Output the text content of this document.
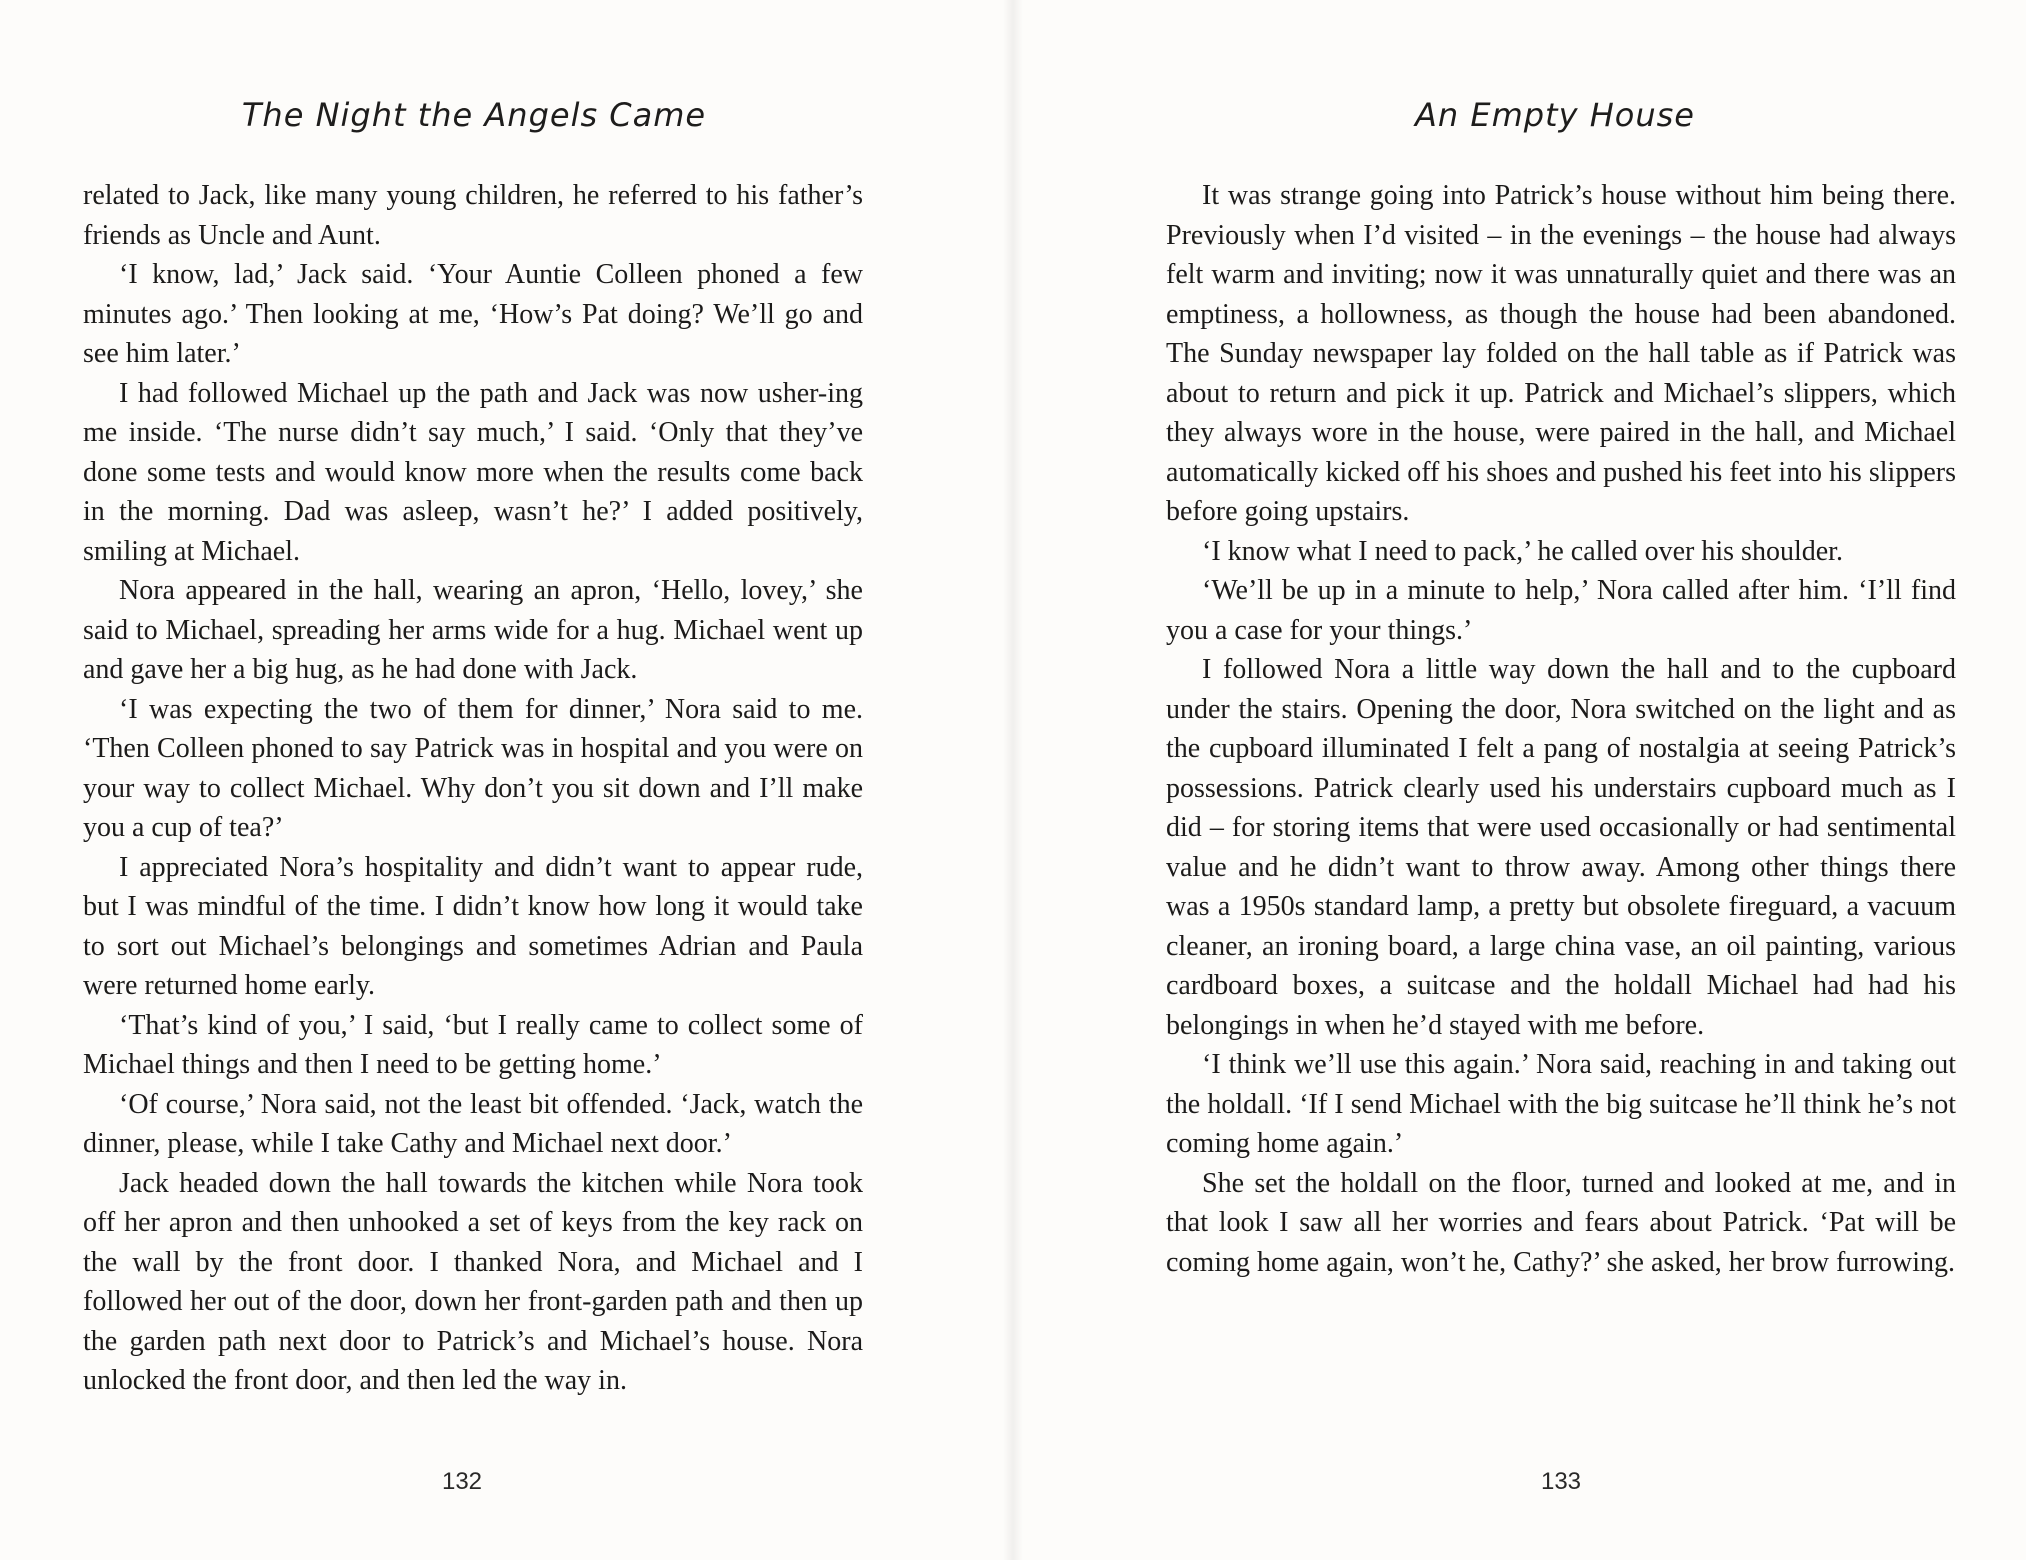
The Night the Angels Came

related to Jack, like many young children, he referred to his father’s friends as Uncle and Aunt.

‘I know, lad,’ Jack said. ‘Your Auntie Colleen phoned a few minutes ago.’ Then looking at me, ‘How’s Pat doing? We’ll go and see him later.’

I had followed Michael up the path and Jack was now usher-ing me inside. ‘The nurse didn’t say much,’ I said. ‘Only that they’ve done some tests and would know more when the results come back in the morning. Dad was asleep, wasn’t he?’ I added positively, smiling at Michael.

Nora appeared in the hall, wearing an apron, ‘Hello, lovey,’ she said to Michael, spreading her arms wide for a hug. Michael went up and gave her a big hug, as he had done with Jack.

‘I was expecting the two of them for dinner,’ Nora said to me. ‘Then Colleen phoned to say Patrick was in hospital and you were on your way to collect Michael. Why don’t you sit down and I’ll make you a cup of tea?’

I appreciated Nora’s hospitality and didn’t want to appear rude, but I was mindful of the time. I didn’t know how long it would take to sort out Michael’s belongings and sometimes Adrian and Paula were returned home early.

‘That’s kind of you,’ I said, ‘but I really came to collect some of Michael things and then I need to be getting home.’

‘Of course,’ Nora said, not the least bit offended. ‘Jack, watch the dinner, please, while I take Cathy and Michael next door.’

Jack headed down the hall towards the kitchen while Nora took off her apron and then unhooked a set of keys from the key rack on the wall by the front door. I thanked Nora, and Michael and I followed her out of the door, down her front-garden path and then up the garden path next door to Patrick’s and Michael’s house. Nora unlocked the front door, and then led the way in.

132
An Empty House

It was strange going into Patrick’s house without him being there. Previously when I’d visited – in the evenings – the house had always felt warm and inviting; now it was unnaturally quiet and there was an emptiness, a hollowness, as though the house had been abandoned. The Sunday newspaper lay folded on the hall table as if Patrick was about to return and pick it up. Patrick and Michael’s slippers, which they always wore in the house, were paired in the hall, and Michael automatically kicked off his shoes and pushed his feet into his slippers before going upstairs.

‘I know what I need to pack,’ he called over his shoulder.

‘We’ll be up in a minute to help,’ Nora called after him. ‘I’ll find you a case for your things.’

I followed Nora a little way down the hall and to the cupboard under the stairs. Opening the door, Nora switched on the light and as the cupboard illuminated I felt a pang of nostalgia at seeing Patrick’s possessions. Patrick clearly used his understairs cupboard much as I did – for storing items that were used occasionally or had sentimental value and he didn’t want to throw away. Among other things there was a 1950s standard lamp, a pretty but obsolete fireguard, a vacuum cleaner, an ironing board, a large china vase, an oil painting, various cardboard boxes, a suitcase and the holdall Michael had had his belongings in when he’d stayed with me before.

‘I think we’ll use this again.’ Nora said, reaching in and taking out the holdall. ‘If I send Michael with the big suitcase he’ll think he’s not coming home again.’

She set the holdall on the floor, turned and looked at me, and in that look I saw all her worries and fears about Patrick. ‘Pat will be coming home again, won’t he, Cathy?’ she asked, her brow furrowing.

133
